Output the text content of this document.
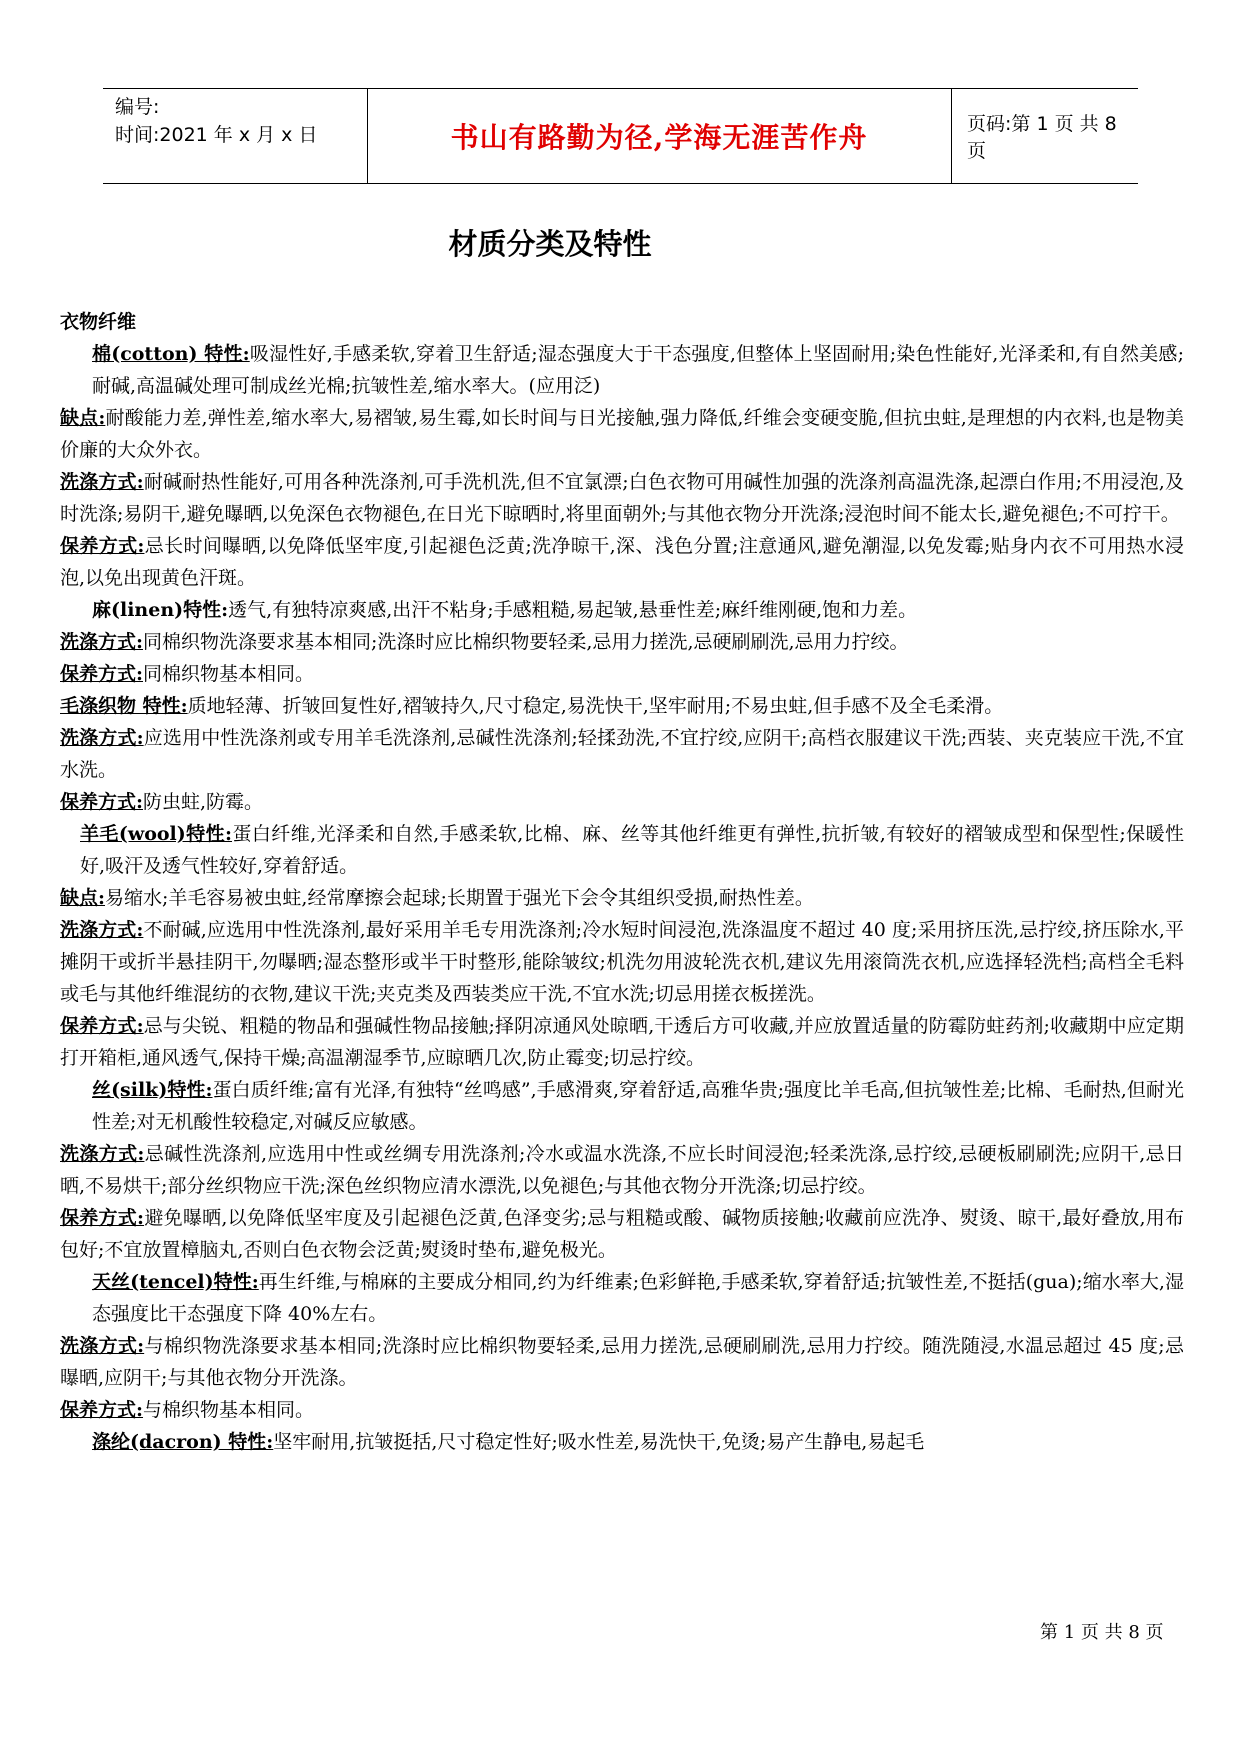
编号:
时间:2021 年 x 月 x 日	书山有路勤为径,学海无涯苦作舟	页码:第 1 页 共 8 页
材质分类及特性

衣物纤维

棉(cotton) 特性:吸湿性好,手感柔软,穿着卫生舒适;湿态强度大于干态强度,但整体上坚固耐用;染色性能好,光泽柔和,有自然美感;耐碱,高温碱处理可制成丝光棉;抗皱性差,缩水率大。(应用泛)

缺点:耐酸能力差,弹性差,缩水率大,易褶皱,易生霉,如长时间与日光接触,强力降低,纤维会变硬变脆,但抗虫蛀,是理想的内衣料,也是物美价廉的大众外衣。

洗涤方式:耐碱耐热性能好,可用各种洗涤剂,可手洗机洗,但不宜氯漂;白色衣物可用碱性加强的洗涤剂高温洗涤,起漂白作用;不用浸泡,及时洗涤;易阴干,避免曝晒,以免深色衣物褪色,在日光下晾晒时,将里面朝外;与其他衣物分开洗涤;浸泡时间不能太长,避免褪色;不可拧干。

保养方式:忌长时间曝晒,以免降低坚牢度,引起褪色泛黄;洗净晾干,深、浅色分置;注意通风,避免潮湿,以免发霉;贴身内衣不可用热水浸泡,以免出现黄色汗斑。

麻(linen)特性:透气,有独特凉爽感,出汗不粘身;手感粗糙,易起皱,悬垂性差;麻纤维刚硬,饱和力差。

洗涤方式:同棉织物洗涤要求基本相同;洗涤时应比棉织物要轻柔,忌用力搓洗,忌硬刷刷洗,忌用力拧绞。

保养方式:同棉织物基本相同。

毛涤织物 特性:质地轻薄、折皱回复性好,褶皱持久,尺寸稳定,易洗快干,坚牢耐用;不易虫蛀,但手感不及全毛柔滑。

洗涤方式:应选用中性洗涤剂或专用羊毛洗涤剂,忌碱性洗涤剂;轻揉劲洗,不宜拧绞,应阴干;高档衣服建议干洗;西装、夹克装应干洗,不宜水洗。

保养方式:防虫蛀,防霉。

羊毛(wool)特性:蛋白纤维,光泽柔和自然,手感柔软,比棉、麻、丝等其他纤维更有弹性,抗折皱,有较好的褶皱成型和保型性;保暖性好,吸汗及透气性较好,穿着舒适。

缺点:易缩水;羊毛容易被虫蛀,经常摩擦会起球;长期置于强光下会令其组织受损,耐热性差。

洗涤方式:不耐碱,应选用中性洗涤剂,最好采用羊毛专用洗涤剂;冷水短时间浸泡,洗涤温度不超过 40 度;采用挤压洗,忌拧绞,挤压除水,平摊阴干或折半悬挂阴干,勿曝晒;湿态整形或半干时整形,能除皱纹;机洗勿用波轮洗衣机,建议先用滚筒洗衣机,应选择轻洗档;高档全毛料或毛与其他纤维混纺的衣物,建议干洗;夹克类及西装类应干洗,不宜水洗;切忌用搓衣板搓洗。

保养方式:忌与尖锐、粗糙的物品和强碱性物品接触;择阴凉通风处晾晒,干透后方可收藏,并应放置适量的防霉防蛀药剂;收藏期中应定期打开箱柜,通风透气,保持干燥;高温潮湿季节,应晾晒几次,防止霉变;切忌拧绞。

丝(silk)特性:蛋白质纤维;富有光泽,有独特“丝鸣感”,手感滑爽,穿着舒适,高雅华贵;强度比羊毛高,但抗皱性差;比棉、毛耐热,但耐光性差;对无机酸性较稳定,对碱反应敏感。

洗涤方式:忌碱性洗涤剂,应选用中性或丝绸专用洗涤剂;冷水或温水洗涤,不应长时间浸泡;轻柔洗涤,忌拧绞,忌硬板刷刷洗;应阴干,忌日晒,不易烘干;部分丝织物应干洗;深色丝织物应清水漂洗,以免褪色;与其他衣物分开洗涤;切忌拧绞。

保养方式:避免曝晒,以免降低坚牢度及引起褪色泛黄,色泽变劣;忌与粗糙或酸、碱物质接触;收藏前应洗净、熨烫、晾干,最好叠放,用布包好;不宜放置樟脑丸,否则白色衣物会泛黄;熨烫时垫布,避免极光。

天丝(tencel)特性:再生纤维,与棉麻的主要成分相同,约为纤维素;色彩鲜艳,手感柔软,穿着舒适;抗皱性差,不挺括(gua);缩水率大,湿态强度比干态强度下降 40%左右。

洗涤方式:与棉织物洗涤要求基本相同;洗涤时应比棉织物要轻柔,忌用力搓洗,忌硬刷刷洗,忌用力拧绞。随洗随浸,水温忌超过 45 度;忌曝晒,应阴干;与其他衣物分开洗涤。

保养方式:与棉织物基本相同。

涤纶(dacron) 特性:坚牢耐用,抗皱挺括,尺寸稳定性好;吸水性差,易洗快干,免烫;易产生静电,易起毛

第 1 页 共 8 页
